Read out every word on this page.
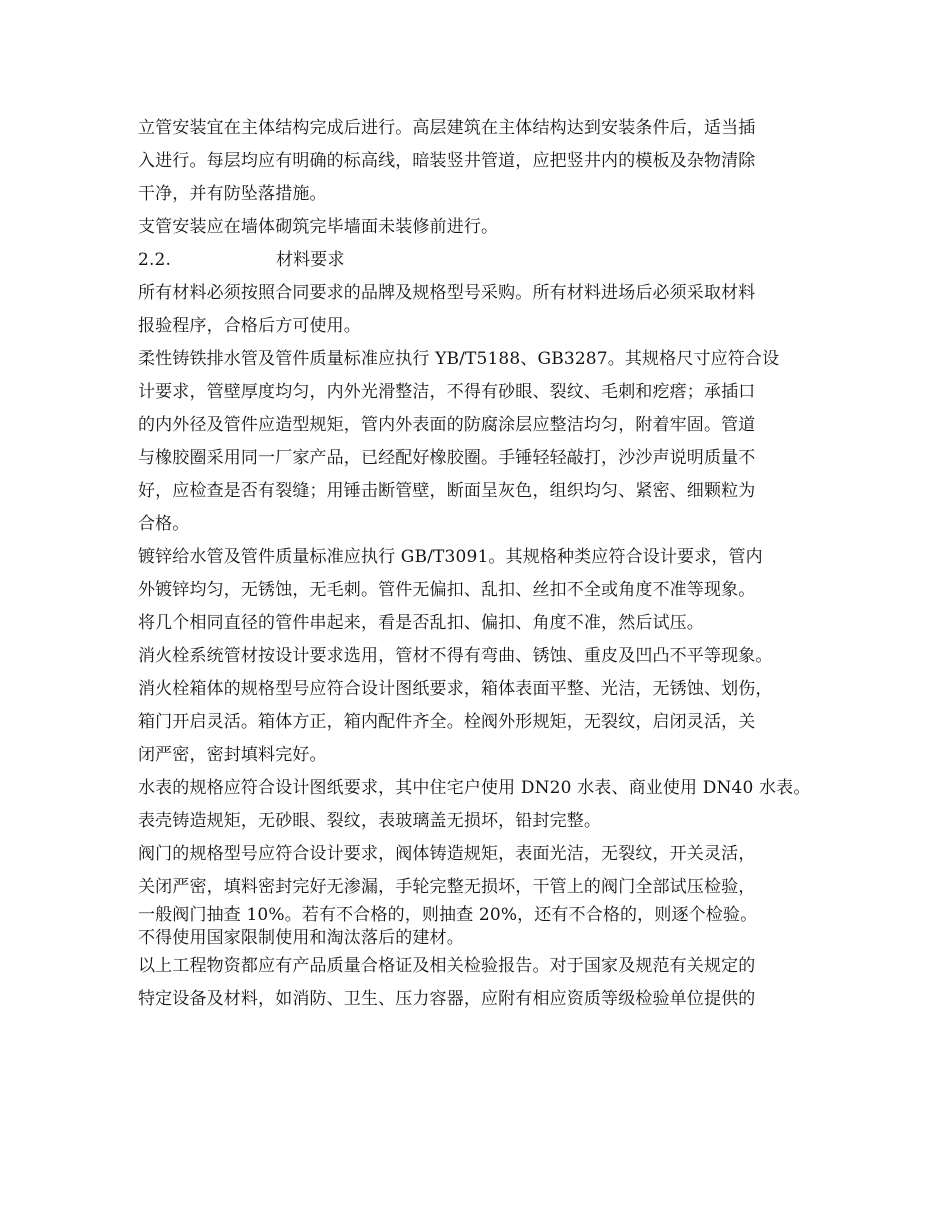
立管安装宜在主体结构完成后进行。高层建筑在主体结构达到安装条件后，适当插
入进行。每层均应有明确的标高线，暗装竖井管道，应把竖井内的模板及杂物清除
干净，并有防坠落措施。
支管安装应在墙体砌筑完毕墙面未装修前进行。
2.2.	材料要求
所有材料必须按照合同要求的品牌及规格型号采购。所有材料进场后必须采取材料
报验程序，合格后方可使用。
柔性铸铁排水管及管件质量标准应执行 YB/T5188、GB3287。其规格尺寸应符合设
计要求，管壁厚度均匀，内外光滑整洁，不得有砂眼、裂纹、毛刺和疙瘩；承插口
的内外径及管件应造型规矩，管内外表面的防腐涂层应整洁均匀，附着牢固。管道
与橡胶圈采用同一厂家产品，已经配好橡胶圈。手锤轻轻敲打，沙沙声说明质量不
好，应检查是否有裂缝；用锤击断管壁，断面呈灰色，组织均匀、紧密、细颗粒为
合格。
镀锌给水管及管件质量标准应执行 GB/T3091。其规格种类应符合设计要求，管内
外镀锌均匀，无锈蚀，无毛刺。管件无偏扣、乱扣、丝扣不全或角度不准等现象。
将几个相同直径的管件串起来，看是否乱扣、偏扣、角度不准，然后试压。
消火栓系统管材按设计要求选用，管材不得有弯曲、锈蚀、重皮及凹凸不平等现象。
消火栓箱体的规格型号应符合设计图纸要求，箱体表面平整、光洁，无锈蚀、划伤，
箱门开启灵活。箱体方正，箱内配件齐全。栓阀外形规矩，无裂纹，启闭灵活，关
闭严密，密封填料完好。
水表的规格应符合设计图纸要求，其中住宅户使用 DN20 水表、商业使用 DN40 水表。
表壳铸造规矩，无砂眼、裂纹，表玻璃盖无损坏，铅封完整。
阀门的规格型号应符合设计要求，阀体铸造规矩，表面光洁，无裂纹，开关灵活，
关闭严密，填料密封完好无渗漏，手轮完整无损坏，干管上的阀门全部试压检验，
一般阀门抽查 10%。若有不合格的，则抽查 20%，还有不合格的，则逐个检验。
不得使用国家限制使用和淘汰落后的建材。
以上工程物资都应有产品质量合格证及相关检验报告。对于国家及规范有关规定的
特定设备及材料，如消防、卫生、压力容器，应附有相应资质等级检验单位提供的
